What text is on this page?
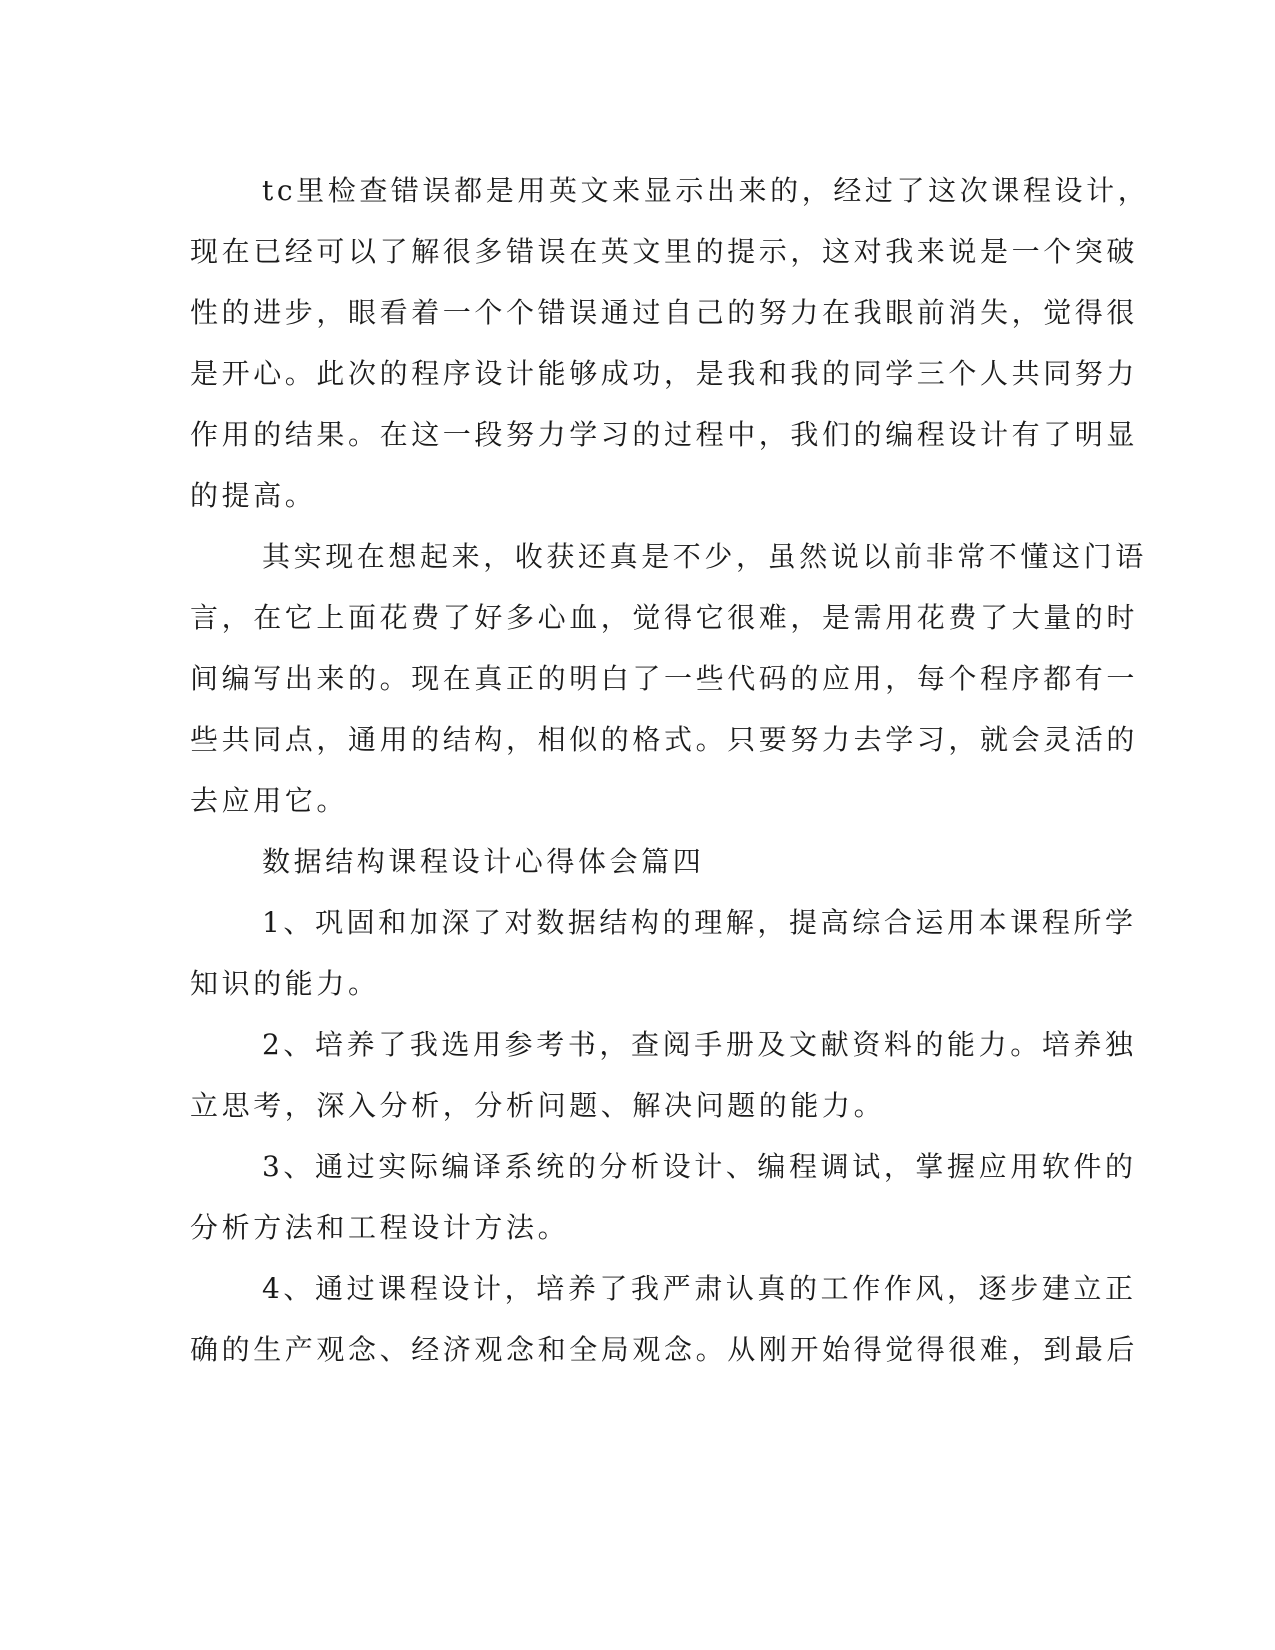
tc里检查错误都是用英文来显示出来的，经过了这次课程设计，
现在已经可以了解很多错误在英文里的提示，这对我来说是一个突破
性的进步，眼看着一个个错误通过自己的努力在我眼前消失，觉得很
是开心。此次的程序设计能够成功，是我和我的同学三个人共同努力
作用的结果。在这一段努力学习的过程中，我们的编程设计有了明显
的提高。
其实现在想起来，收获还真是不少，虽然说以前非常不懂这门语
言，在它上面花费了好多心血，觉得它很难，是需用花费了大量的时
间编写出来的。现在真正的明白了一些代码的应用，每个程序都有一
些共同点，通用的结构，相似的格式。只要努力去学习，就会灵活的
去应用它。
数据结构课程设计心得体会篇四
1、巩固和加深了对数据结构的理解，提高综合运用本课程所学
知识的能力。
2、培养了我选用参考书，查阅手册及文献资料的能力。培养独
立思考，深入分析，分析问题、解决问题的能力。
3、通过实际编译系统的分析设计、编程调试，掌握应用软件的
分析方法和工程设计方法。
4、通过课程设计，培养了我严肃认真的工作作风，逐步建立正
确的生产观念、经济观念和全局观念。从刚开始得觉得很难，到最后
